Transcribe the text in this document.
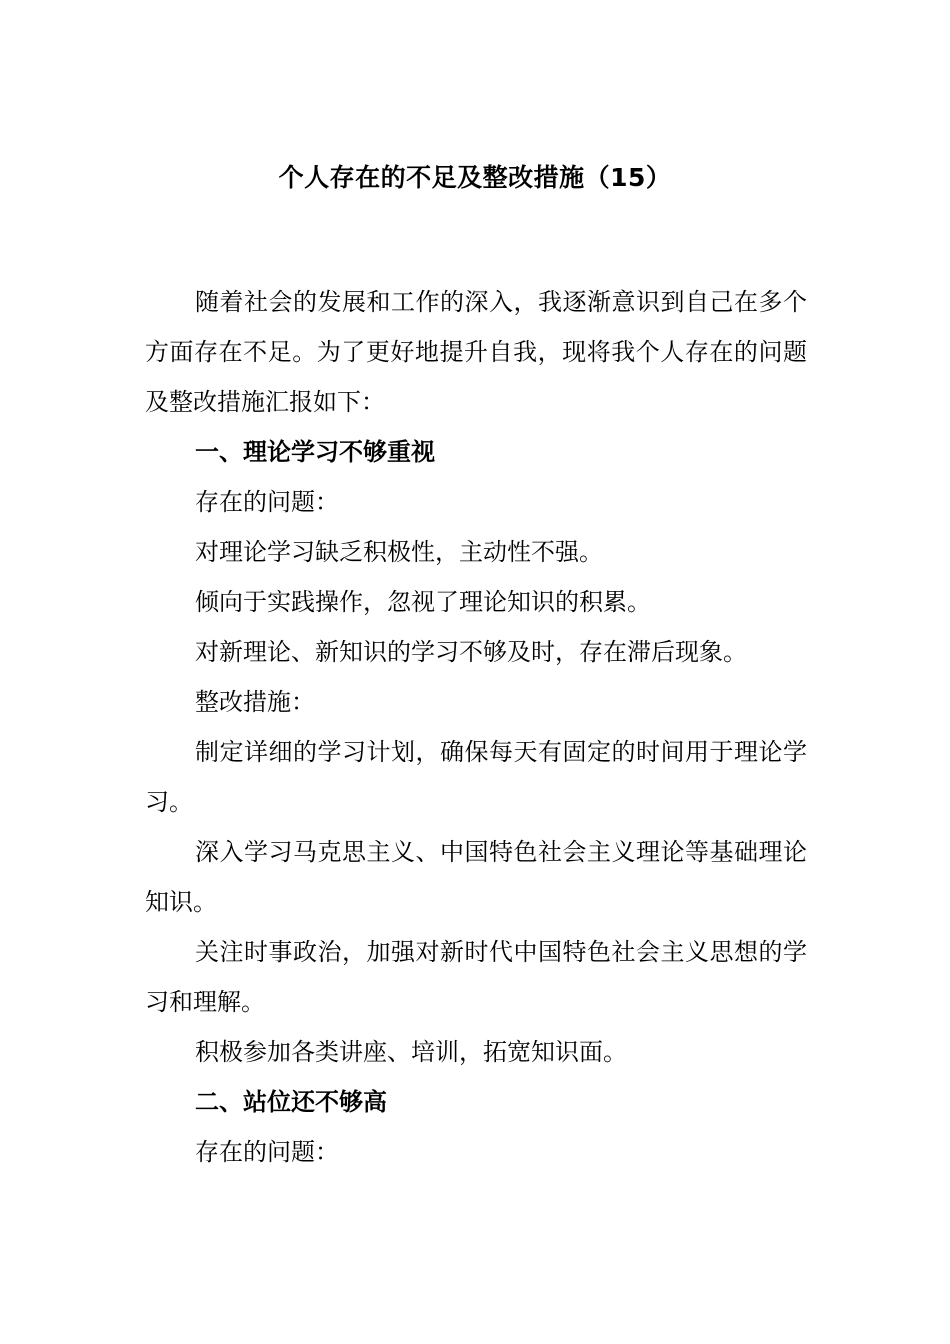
个人存在的不足及整改措施（15）

随着社会的发展和工作的深入，我逐渐意识到自己在多个方面存在不足。为了更好地提升自我，现将我个人存在的问题及整改措施汇报如下：

一、理论学习不够重视

存在的问题：

对理论学习缺乏积极性，主动性不强。

倾向于实践操作，忽视了理论知识的积累。

对新理论、新知识的学习不够及时，存在滞后现象。

整改措施：

制定详细的学习计划，确保每天有固定的时间用于理论学习。

深入学习马克思主义、中国特色社会主义理论等基础理论知识。

关注时事政治，加强对新时代中国特色社会主义思想的学习和理解。

积极参加各类讲座、培训，拓宽知识面。

二、站位还不够高

存在的问题：
